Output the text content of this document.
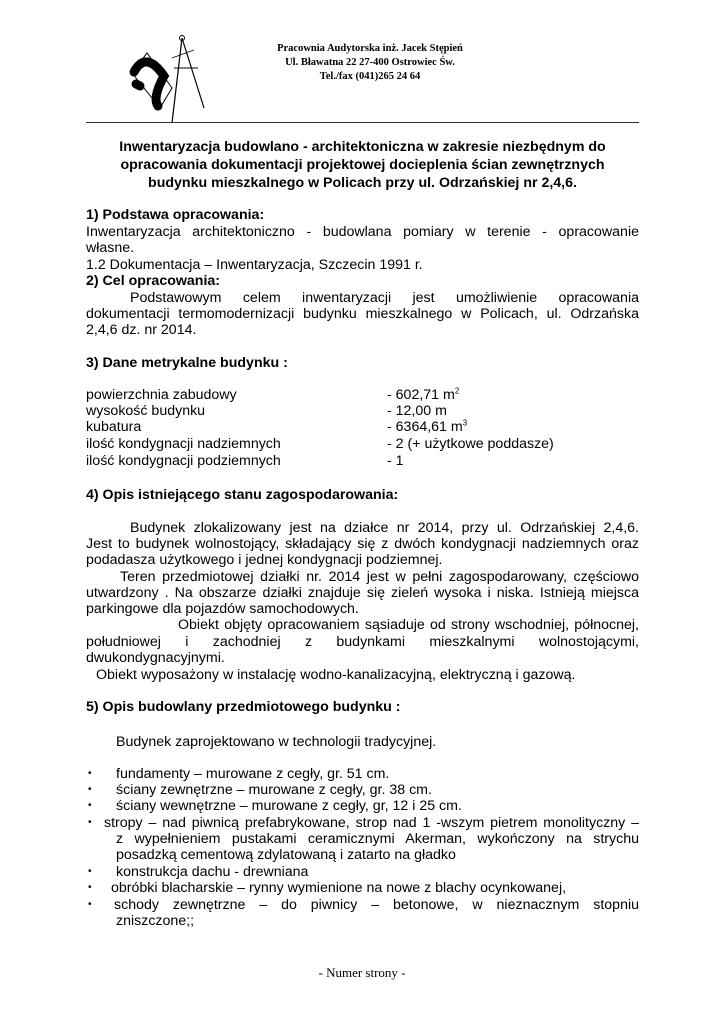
Pracownia Audytorska inż. Jacek Stępień
Ul. Bławatna 22 27-400 Ostrowiec Św.
Tel./fax (041)265 24 64
Inwentaryzacja budowlano - architektoniczna w zakresie niezbędnym do
opracowania dokumentacji projektowej docieplenia ścian zewnętrznych
budynku mieszkalnego w Policach przy ul. Odrzańskiej nr 2,4,6.
1) Podstawa opracowania:
Inwentaryzacja architektoniczno - budowlana pomiary w terenie - opracowanie
własne.
1.2 Dokumentacja – Inwentaryzacja, Szczecin 1991 r.
2) Cel opracowania:
Podstawowym celem inwentaryzacji jest umożliwienie opracowania
dokumentacji termomodernizacji budynku mieszkalnego w Policach, ul. Odrzańska
2,4,6 dz. nr 2014.
3) Dane metrykalne budynku :
powierzchnia zabudowy	- 602,71 $m^2$
wysokość budynku	- 12,00 m
kubatura	- 6364,61 $m^3$
ilość kondygnacji nadziemnych	- 2 (+ użytkowe poddasze)
ilość kondygnacji podziemnych	- 1
4) Opis istniejącego stanu zagospodarowania:
Budynek zlokalizowany jest na działce nr 2014, przy ul. Odrzańskiej 2,4,6.
Jest to budynek wolnostojący, składający się z dwóch kondygnacji nadziemnych oraz
podadasza użytkowego i jednej kondygnacji podziemnej.
Teren przedmiotowej działki nr. 2014 jest w pełni zagospodarowany, częściowo
utwardzony . Na obszarze działki znajduje się zieleń wysoka i niska. Istnieją miejsca
parkingowe dla pojazdów samochodowych.
Obiekt objęty opracowaniem sąsiaduje od strony wschodniej, północnej,
południowej i zachodniej z budynkami mieszkalnymi wolnostojącymi,
dwukondygnacyjnymi.
Obiekt wyposażony w instalację wodno-kanalizacyjną, elektryczną i gazową.
5) Opis budowlany przedmiotowego budynku :
Budynek zaprojektowano w technologii tradycyjnej.
• fundamenty – murowane z cegły, gr. 51 cm.
• ściany zewnętrzne – murowane z cegły, gr. 38 cm.
• ściany wewnętrzne – murowane z cegły, gr, 12 i 25 cm.
• stropy – nad piwnicą prefabrykowane, strop nad 1 -wszym pietrem monolityczny –
z wypełnieniem pustakami ceramicznymi Akerman, wykończony na strychu
posadzką cementową zdylatowaną i zatarto na gładko
• konstrukcja dachu - drewniana
• obróbki blacharskie – rynny wymienione na nowe z blachy ocynkowanej,
• schody zewnętrzne – do piwnicy – betonowe, w nieznacznym stopniu
zniszczone;;
- Numer strony -
